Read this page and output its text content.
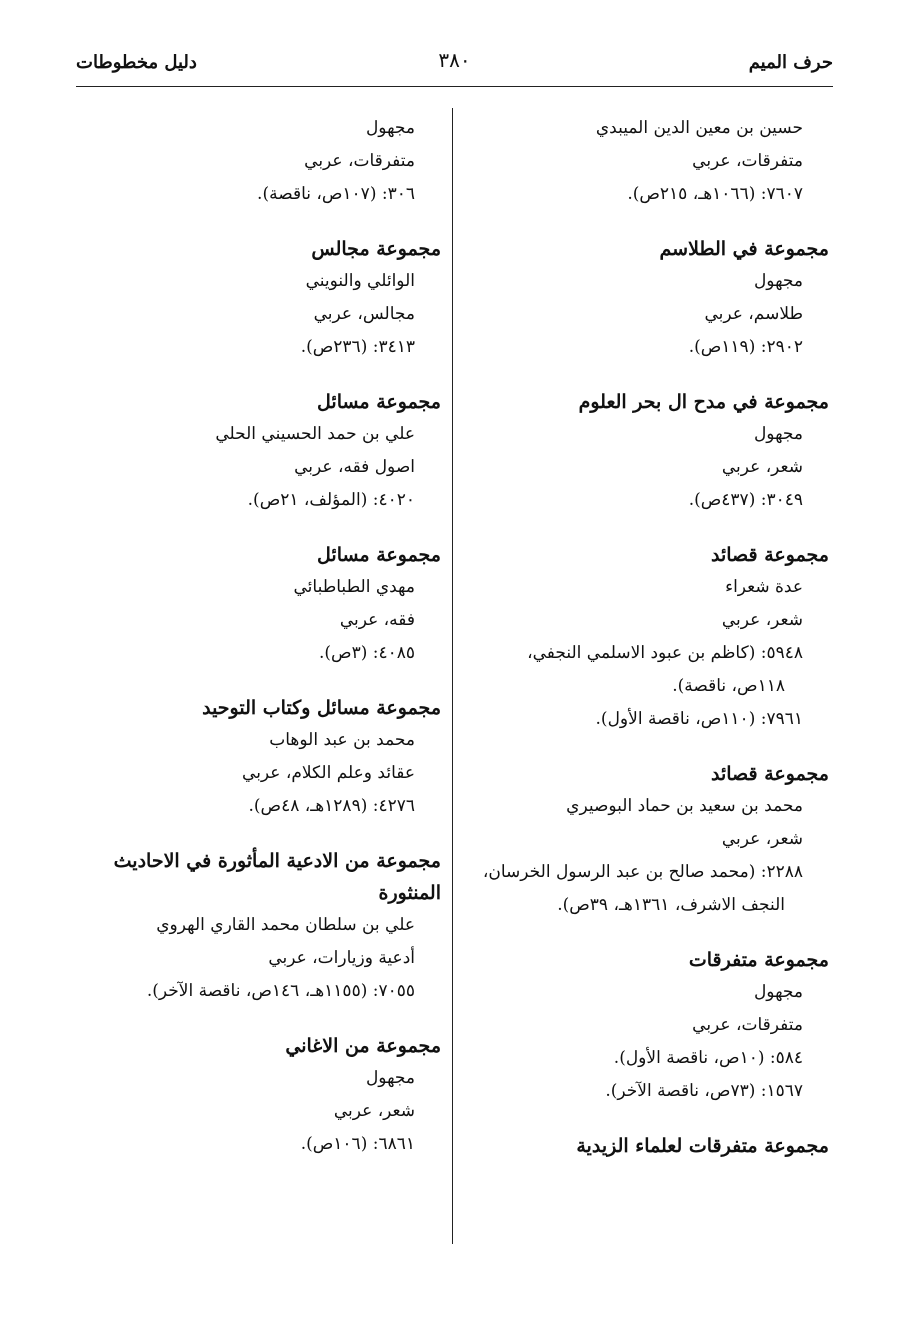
حرف الميم
٣٨٠
دليل مخطوطات
حسين بن معين الدين الميبدي
متفرقات، عربي
٧٦٠٧: (١٠٦٦هـ، ٢١٥ص).
مجموعة في الطلاسم
مجهول
طلاسم، عربي
٢٩٠٢: (١١٩ص).
مجموعة في مدح ال بحر العلوم
مجهول
شعر، عربي
٣٠٤٩: (٤٣٧ص).
مجموعة قصائد
عدة شعراء
شعر، عربي
٥٩٤٨: (كاظم بن عبود الاسلمي النجفي،
١١٨ص، ناقصة).
٧٩٦١: (١١٠ص، ناقصة الأول).
مجموعة قصائد
محمد بن سعيد بن حماد البوصيري
شعر، عربي
٢٢٨٨: (محمد صالح بن عبد الرسول الخرسان،
النجف الاشرف، ١٣٦١هـ، ٣٩ص).
مجموعة متفرقات
مجهول
متفرقات، عربي
٥٨٤: (١٠ص، ناقصة الأول).
١٥٦٧: (٧٣ص، ناقصة الآخر).
مجموعة متفرقات لعلماء الزيدية
مجهول
متفرقات، عربي
٣٠٦: (١٠٧ص، ناقصة).
مجموعة مجالس
الوائلي والنويني
مجالس، عربي
٣٤١٣: (٢٣٦ص).
مجموعة مسائل
علي بن حمد الحسيني الحلي
اصول فقه، عربي
٤٠٢٠: (المؤلف، ٢١ص).
مجموعة مسائل
مهدي الطباطبائي
فقه، عربي
٤٠٨٥: (٣ص).
مجموعة مسائل وكتاب التوحيد
محمد بن عبد الوهاب
عقائد وعلم الكلام، عربي
٤٢٧٦: (١٢٨٩هـ، ٤٨ص).
مجموعة من الادعية المأثورة في الاحاديث المنثورة
علي بن سلطان محمد القاري الهروي
أدعية وزيارات، عربي
٧٠٥٥: (١١٥٥هـ، ١٤٦ص، ناقصة الآخر).
مجموعة من الاغاني
مجهول
شعر، عربي
٦٨٦١: (١٠٦ص).
